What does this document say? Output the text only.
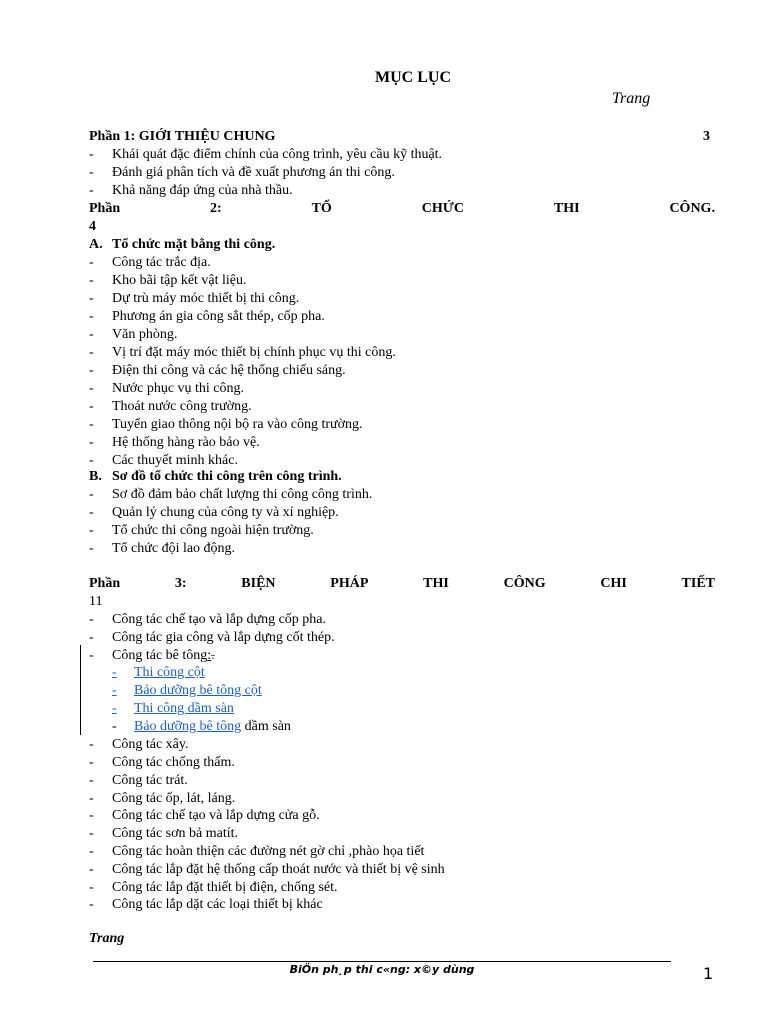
MỤC LỤC
Trang
Phần 1: GIỚI THIỆU CHUNG	3
- Khái quát đặc điểm chính của công trình, yêu cầu kỹ thuật.
- Đánh giá phân tích và đề xuất phương án thi công.
- Khả năng đáp ứng của nhà thầu.
Phần	2:	TỔ	CHỨC	THI	CÔNG.
4
A. Tổ chức mặt bằng thi công.
- Công tác trắc địa.
- Kho bãi tập kết vật liệu.
- Dự trù máy móc thiết bị thi công.
- Phương án gia công sắt thép, cốp pha.
- Văn phòng.
- Vị trí đặt máy móc thiết bị chính phục vụ thi công.
- Điện thi công và các hệ thống chiếu sáng.
- Nước phục vụ thi công.
- Thoát nước công trường.
- Tuyến giao thông nội bộ ra vào công trường.
- Hệ thống hàng rào bảo vệ.
- Các thuyết minh khác.
B. Sơ đồ tổ chức thi công trên công trình.
- Sơ đồ đảm bảo chất lượng thi công công trình.
- Quản lý chung của công ty và xí nghiệp.
- Tổ chức thi công ngoài hiện trường.
- Tổ chức đội lao động.
Phần	3:	BIỆN	PHÁP	THI	CÔNG	CHI	TIẾT
11
- Công tác chế tạo và lắp dựng cốp pha.
- Công tác gia công và lắp dựng cốt thép.
- Công tác bê tông:.
- Thi công cột
- Bảo dưỡng bê tông cột
- Thi công dầm sàn
- Bảo dưỡng bê tông dầm sàn
- Công tác xây.
- Công tác chống thấm.
- Công tác trát.
- Công tác ốp, lát, láng.
- Công tác chế tạo và lắp dựng cửa gỗ.
- Công tác sơn bả matít.
- Công tác hoàn thiện các đường nét gờ chỉ ,phào họa tiết
- Công tác lắp đặt hệ thống cấp thoát nước và thiết bị vệ sinh
- Công tác lắp đặt thiết bị điện, chống sét.
- Công tác lắp dặt các loại thiết bị khác
Trang
BiÖn ph¸p thi c«ng: x©y dùng	1
